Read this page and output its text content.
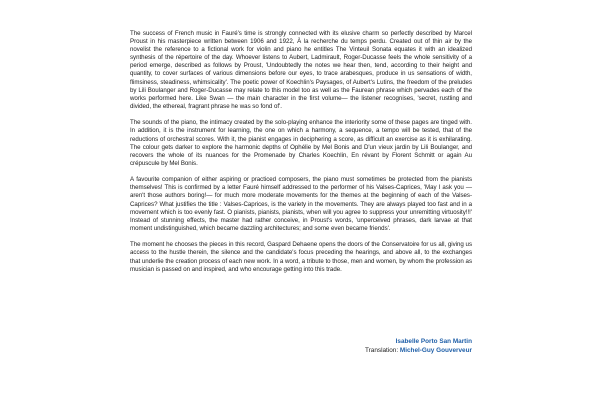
The success of French music in Fauré's time is strongly connected with its elusive charm so perfectly described by Marcel Proust in his masterpiece written between 1906 and 1922, À la recherche du temps perdu. Created out of thin air by the novelist the reference to a fictional work for violin and piano he entitles The Vinteuil Sonata equates it with an idealized synthesis of the répertoire of the day. Whoever listens to Aubert, Ladmirault, Roger-Ducasse feels the whole sensitivity of a period emerge, described as follows by Proust, 'Undoubtedly the notes we hear then, tend, according to their height and quantity, to cover surfaces of various dimensions before our eyes, to trace arabesques, produce in us sensations of width, flimsiness, steadiness, whimsicality'. The poetic power of Koechlin's Paysages, of Aubert's Lutins, the freedom of the preludes by Lili Boulanger and Roger-Ducasse may relate to this model too as well as the Faurean phrase which pervades each of the works performed here. Like Swan — the main character in the first volume— the listener recognises, 'secret, rustling and divided, the ethereal, fragrant phrase he was so fond of'.

The sounds of the piano, the intimacy created by the solo-playing enhance the interiority some of these pages are tinged with. In addition, it is the instrument for learning, the one on which a harmony, a sequence, a tempo will be tested, that of the reductions of orchestral scores. With it, the pianist engages in deciphering a score, as difficult an exercise as it is exhilarating. The colour gets darker to explore the harmonic depths of Ophélie by Mel Bonis and D'un vieux jardin by Lili Boulanger, and recovers the whole of its nuances for the Promenade by Charles Koechlin, En révant by Florent Schmitt or again Au crépuscule by Mel Bonis.

A favourite companion of either aspiring or practiced composers, the piano must sometimes be protected from the pianists themselves! This is confirmed by a letter Fauré himself addressed to the performer of his Valses-Caprices, 'May I ask you —aren't those authors boring!— for much more moderate movements for the themes at the beginning of each of the Valses-Caprices? What justifies the title : Valses-Caprices, is the variety in the movements. They are always played too fast and in a movement which is too evenly fast. O pianists, pianists, pianists, when will you agree to suppress your unremitting virtuosity!!!' Instead of stunning effects, the master had rather conceive, in Proust's words, 'unperceived phrases, dark larvae at that moment undistinguished, which became dazzling architectures; and some even became friends'.

The moment he chooses the pieces in this record, Gaspard Dehaene opens the doors of the Conservatoire for us all, giving us access to the hustle therein, the silence and the candidate's focus preceding the hearings, and above all, to the exchanges that underlie the creation process of each new work. In a word, a tribute to those, men and women, by whom the profession as musician is passed on and inspired, and who encourage getting into this trade.

Isabelle Porto San Martin
Translation: Michel-Guy Gouverveur
